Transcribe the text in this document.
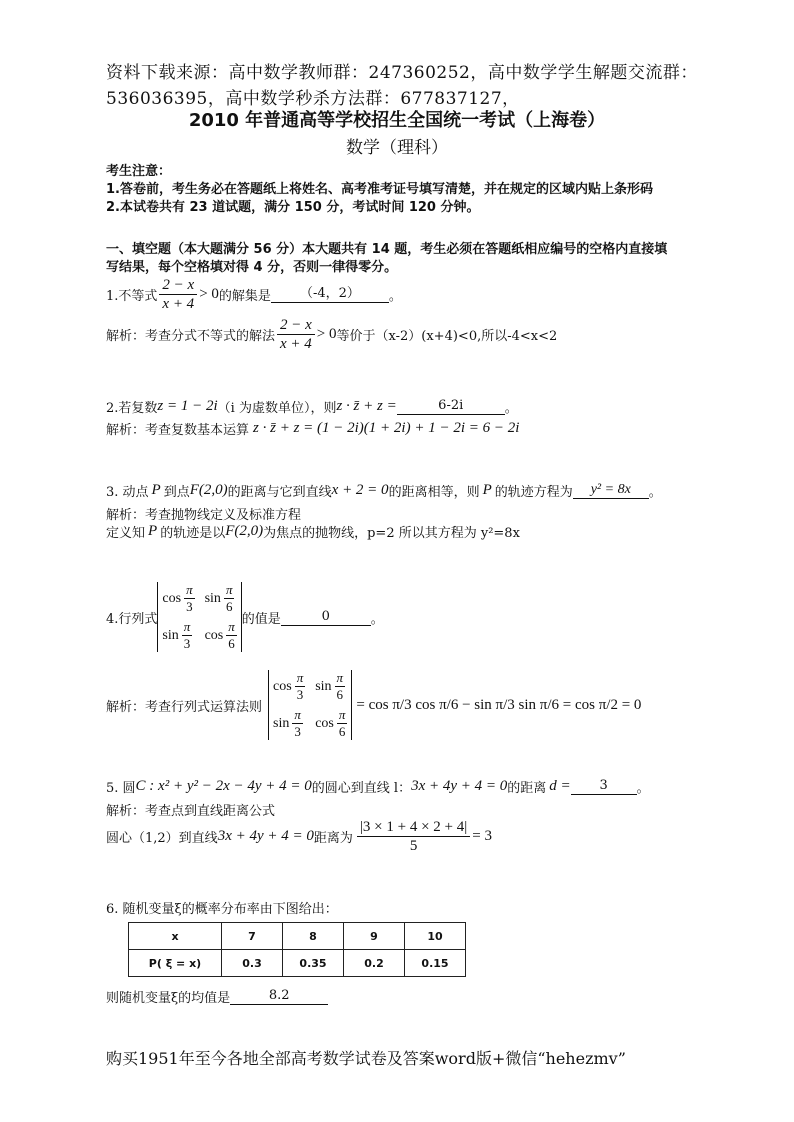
资料下载来源：高中数学教师群：247360252，高中数学学生解题交流群：
536036395，高中数学秒杀方法群：677837127，
2010 年普通高等学校招生全国统一考试（上海卷）
数学（理科）
考生注意：
1.答卷前，考生务必在答题纸上将姓名、高考准考证号填写清楚，并在规定的区域内贴上条形码
2.本试卷共有 23 道试题，满分 150 分，考试时间 120 分钟。
一、填空题（本大题满分 56 分）本大题共有 14 题，考生必须在答题纸相应编号的空格内直接填
写结果，每个空格填对得 4 分，否则一律得零分。
1.不等式 $\frac{2 - x}{x + 4} > 0$ 的解集是	（-4，2）	。
解析：考查分式不等式的解法 $\frac{2 - x}{x + 4} > 0$ 等价于（x-2）(x+4)<0,所以-4<x<2
2.若复数 z = 1 − 2i （i 为虚数单位），则 z · z̄ + z =	6-2i	。
解析：考查复数基本运算 z · z̄ + z = (1 − 2i)(1 + 2i) + 1 − 2i = 6 − 2i
3. 动点 P 到点 F(2,0) 的距离与它到直线 x + 2 = 0 的距离相等，则 P 的轨迹方程为	y² = 8x	。
解析：考查抛物线定义及标准方程
定义知 P 的轨迹是以 F(2,0) 为焦点的抛物线，p=2 所以其方程为 y²=8x
4.行列式
$\cos \frac{\pi}{3}$ $\sin \frac{\pi}{6}$
$\sin \frac{\pi}{3}$ $\cos \frac{\pi}{6}$ 的值是	0	。
解析：考查行列式运算法则
$\cos \frac{\pi}{3}$ $\sin \frac{\pi}{6}$
$\sin \frac{\pi}{3}$ $\cos \frac{\pi}{6}$
= cos π/3 cos π/6 − sin π/3 sin π/6 = cos π/2 = 0
5. 圆 C : x² + y² − 2x − 4y + 4 = 0 的圆心到直线 l： 3x + 4y + 4 = 0 的距离 d =	3	。
解析：考查点到直线距离公式
圆心（1,2）到直线 3x + 4y + 4 = 0 距离为 $\frac{|3 \times 1 + 4 \times 2 + 4|}{5} = 3$
6. 随机变量ξ的概率分布率由下图给出：
x	7	8	9	10
P( ξ = x)	0.3	0.35	0.2	0.15
则随机变量ξ的均值是	8.2
购买1951年至今各地全部高考数学试卷及答案word版+微信“hehezmv”
